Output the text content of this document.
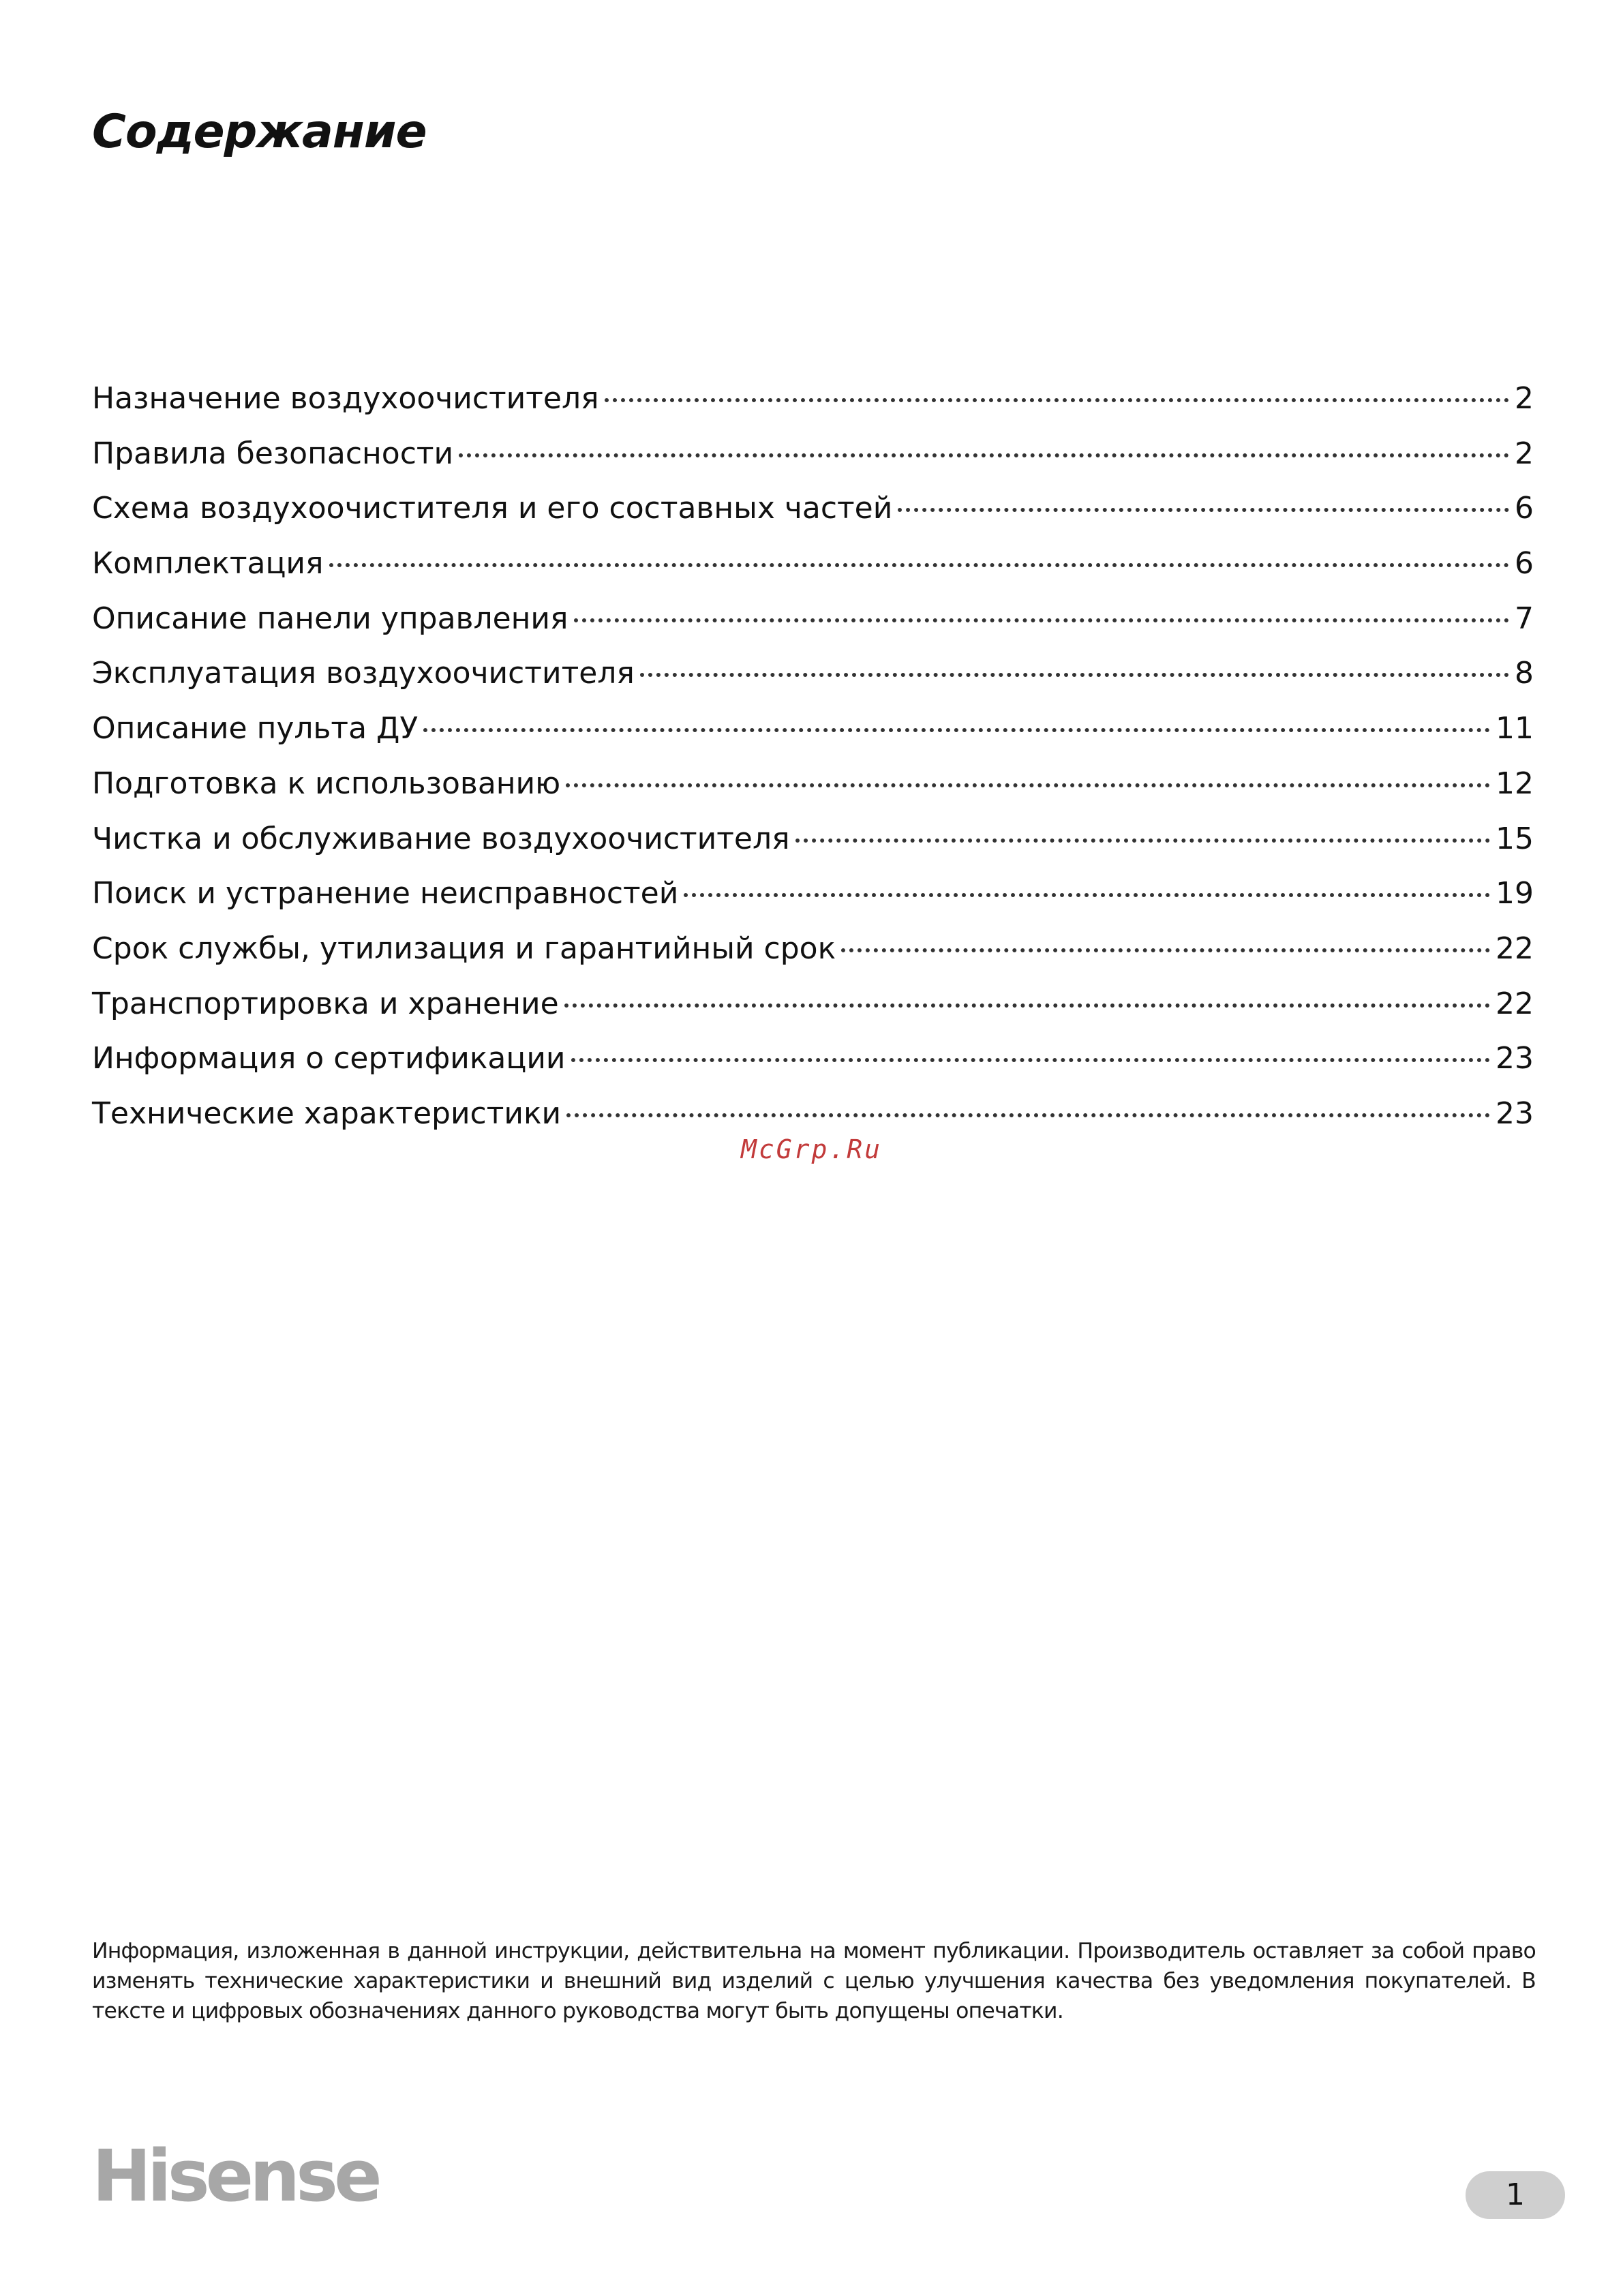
Содержание
Назначение воздухоочистителя	2
Правила безопасности	2
Схема воздухоочистителя и его составных частей	6
Комплектация	6
Описание панели управления	7
Эксплуатация воздухоочистителя	8
Описание пульта ДУ	11
Подготовка к использованию	12
Чистка и обслуживание воздухоочистителя	15
Поиск и устранение неисправностей	19
Срок службы, утилизация и гарантийный срок	22
Транспортировка и хранение	22
Информация о сертификации	23
Технические характеристики	23
McGrp.Ru

Информация, изложенная в данной инструкции, действительна на момент публикации. Производитель оставляет за собой право изменять технические характеристики и внешний вид изделий с целью улучшения качества без уведомления покупателей. В тексте и цифровых обозначениях данного руководства могут быть допущены опечатки.

Hisense	1
